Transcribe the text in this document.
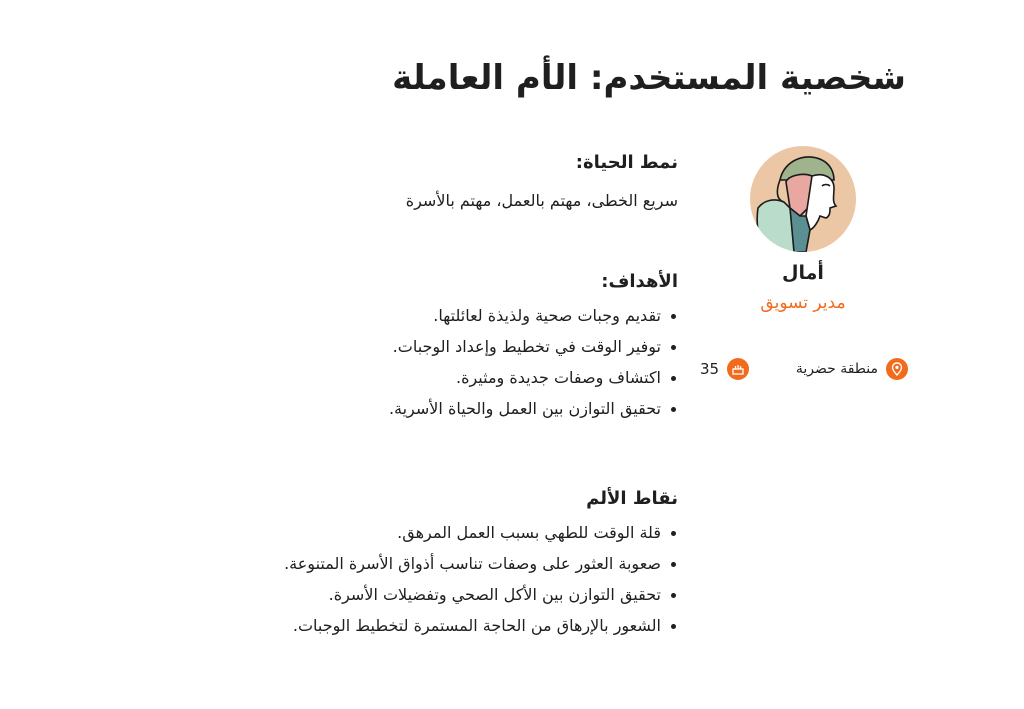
شخصية المستخدم: الأم العاملة

أمال

مدير تسويق

منطقة حضرية
35
نمط الحياة:

سريع الخطى، مهتم بالعمل، مهتم بالأسرة

الأهداف:
تقديم وجبات صحية ولذيذة لعائلتها.
توفير الوقت في تخطيط وإعداد الوجبات.
اكتشاف وصفات جديدة ومثيرة.
تحقيق التوازن بين العمل والحياة الأسرية.
نقاط الألم
قلة الوقت للطهي بسبب العمل المرهق.
صعوبة العثور على وصفات تناسب أذواق الأسرة المتنوعة.
تحقيق التوازن بين الأكل الصحي وتفضيلات الأسرة.
الشعور بالإرهاق من الحاجة المستمرة لتخطيط الوجبات.
